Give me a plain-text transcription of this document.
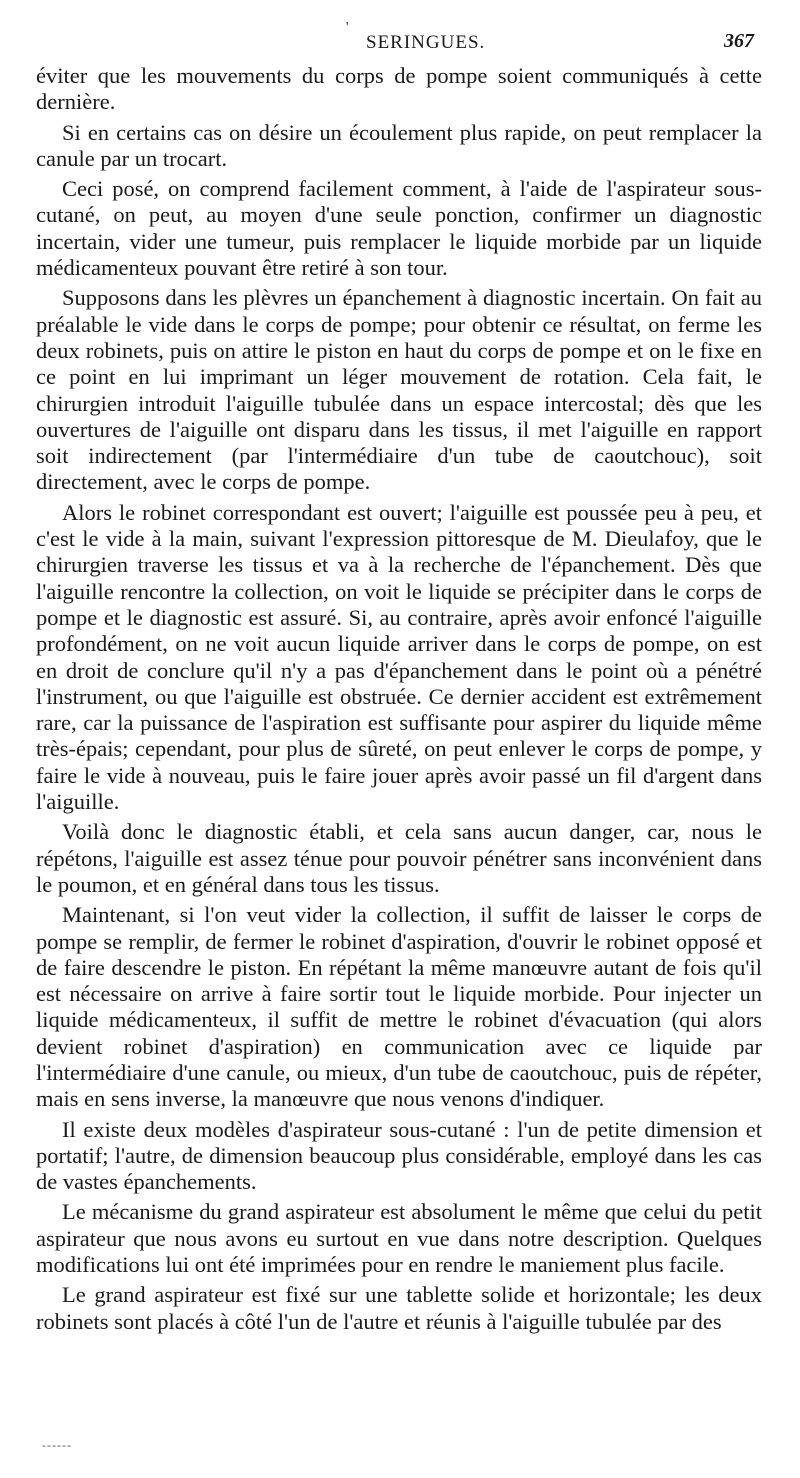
'
SERINGUES.	367

éviter que les mouvements du corps de pompe soient communiqués à cette dernière.

Si en certains cas on désire un écoulement plus rapide, on peut remplacer la canule par un trocart.

Ceci posé, on comprend facilement comment, à l'aide de l'aspirateur sous-cutané, on peut, au moyen d'une seule ponction, confirmer un diagnostic incertain, vider une tumeur, puis remplacer le liquide morbide par un liquide médicamenteux pouvant être retiré à son tour.

Supposons dans les plèvres un épanchement à diagnostic incertain. On fait au préalable le vide dans le corps de pompe; pour obtenir ce résultat, on ferme les deux robinets, puis on attire le piston en haut du corps de pompe et on le fixe en ce point en lui imprimant un léger mouvement de rotation. Cela fait, le chirurgien introduit l'aiguille tubulée dans un espace intercostal; dès que les ouvertures de l'aiguille ont disparu dans les tissus, il met l'aiguille en rapport soit indirectement (par l'intermédiaire d'un tube de caoutchouc), soit directement, avec le corps de pompe.

Alors le robinet correspondant est ouvert; l'aiguille est poussée peu à peu, et c'est le vide à la main, suivant l'expression pittoresque de M. Dieulafoy, que le chirurgien traverse les tissus et va à la recherche de l'épanchement. Dès que l'aiguille rencontre la collection, on voit le liquide se précipiter dans le corps de pompe et le diagnostic est assuré. Si, au contraire, après avoir enfoncé l'aiguille profondément, on ne voit aucun liquide arriver dans le corps de pompe, on est en droit de conclure qu'il n'y a pas d'épanchement dans le point où a pénétré l'instrument, ou que l'aiguille est obstruée. Ce dernier accident est extrêmement rare, car la puissance de l'aspiration est suffisante pour aspirer du liquide même très-épais; cependant, pour plus de sûreté, on peut enlever le corps de pompe, y faire le vide à nouveau, puis le faire jouer après avoir passé un fil d'argent dans l'aiguille.

Voilà donc le diagnostic établi, et cela sans aucun danger, car, nous le répétons, l'aiguille est assez ténue pour pouvoir pénétrer sans inconvénient dans le poumon, et en général dans tous les tissus.

Maintenant, si l'on veut vider la collection, il suffit de laisser le corps de pompe se remplir, de fermer le robinet d'aspiration, d'ouvrir le robinet opposé et de faire descendre le piston. En répétant la même manœuvre autant de fois qu'il est nécessaire on arrive à faire sortir tout le liquide morbide. Pour injecter un liquide médicamenteux, il suffit de mettre le robinet d'évacuation (qui alors devient robinet d'aspiration) en communication avec ce liquide par l'intermédiaire d'une canule, ou mieux, d'un tube de caoutchouc, puis de répéter, mais en sens inverse, la manœuvre que nous venons d'indiquer.

Il existe deux modèles d'aspirateur sous-cutané : l'un de petite dimension et portatif; l'autre, de dimension beaucoup plus considérable, employé dans les cas de vastes épanchements.

Le mécanisme du grand aspirateur est absolument le même que celui du petit aspirateur que nous avons eu surtout en vue dans notre description. Quelques modifications lui ont été imprimées pour en rendre le maniement plus facile.

Le grand aspirateur est fixé sur une tablette solide et horizontale; les deux robinets sont placés à côté l'un de l'autre et réunis à l'aiguille tubulée par des

------
